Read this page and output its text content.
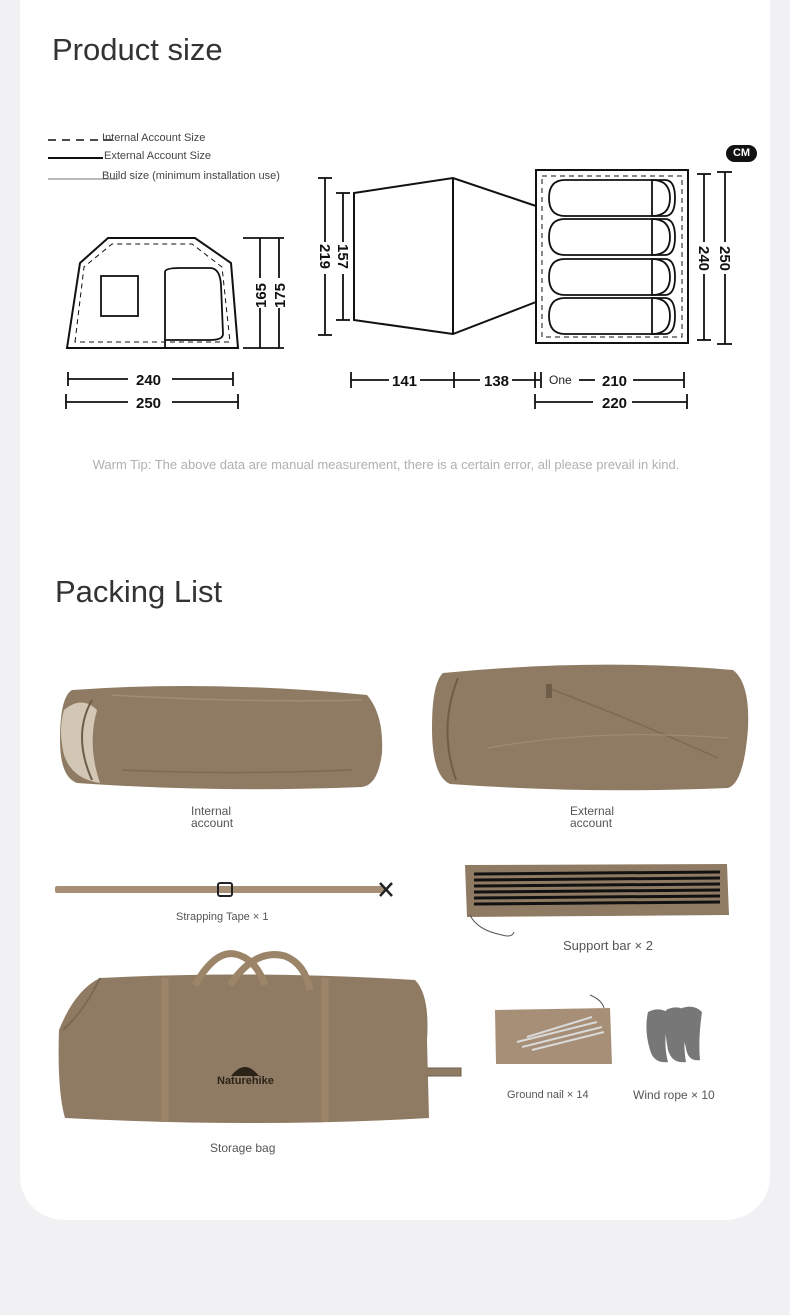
Product size
Internal Account Size
External Account Size
Build size (minimum installation use)
CM
165 175
240
250
219 157
141	138
240 250
210
One
220
Warm Tip: The above data are manual measurement, there is a certain error, all please prevail in kind.
Packing List
Internal
account
External
account
Strapping Tape × 1
Support bar × 2
Naturehike
Storage bag
Ground nail × 14	Wind rope × 10
